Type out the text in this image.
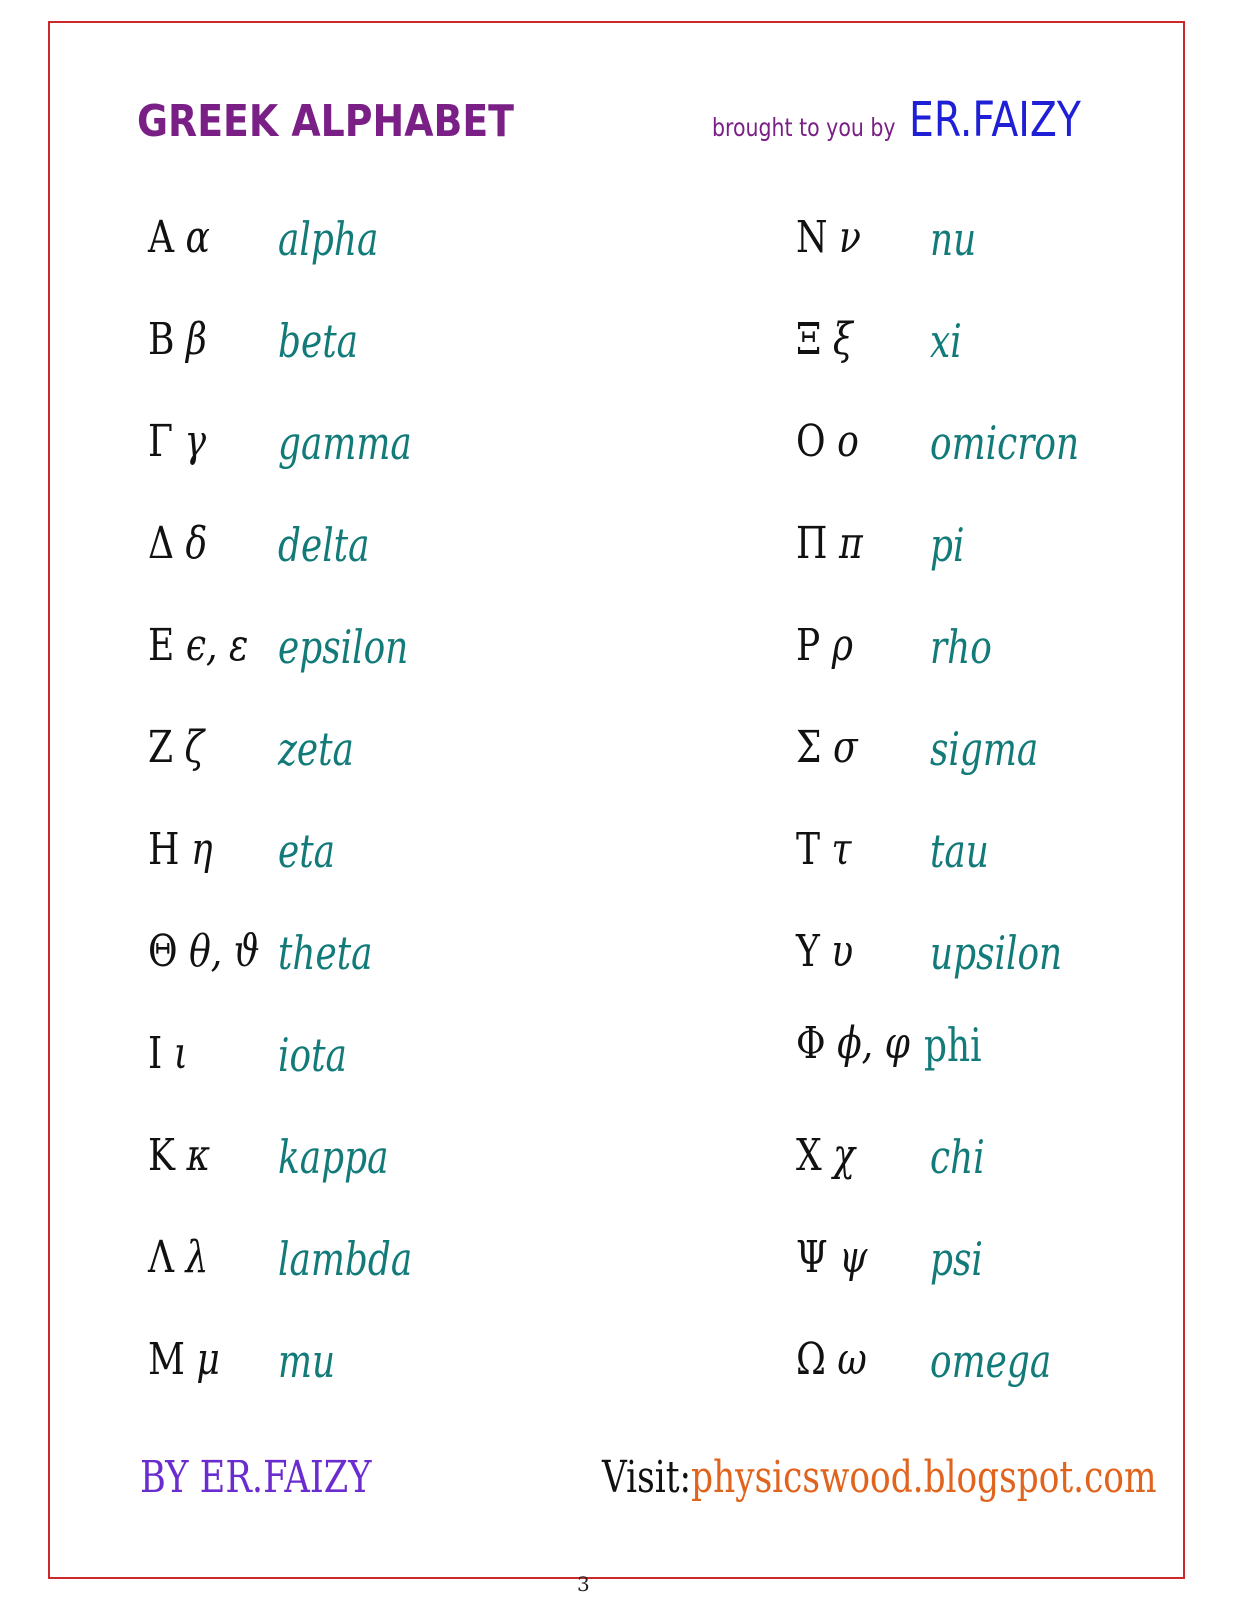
GREEK ALPHABET	brought to you by ER.FAIZY
Α α alpha
Β β beta
Γ γ gamma
Δ δ delta
Ε ϵ, ε epsilon
Ζ ζ zeta
Η η eta
Θ θ, ϑ theta
Ι ι iota
Κ κ kappa
Λ λ lambda
Μ μ mu
Ν ν nu
Ξ ξ xi
Ο ο omicron
Π π pi
Ρ ρ rho
Σ σ sigma
Τ τ tau
Υ υ upsilon
Φ ϕ, φ phi
Χ χ chi
Ψ ψ psi
Ω ω omega
BY ER.FAIZY	Visit:physicswood.blogspot.com
3
